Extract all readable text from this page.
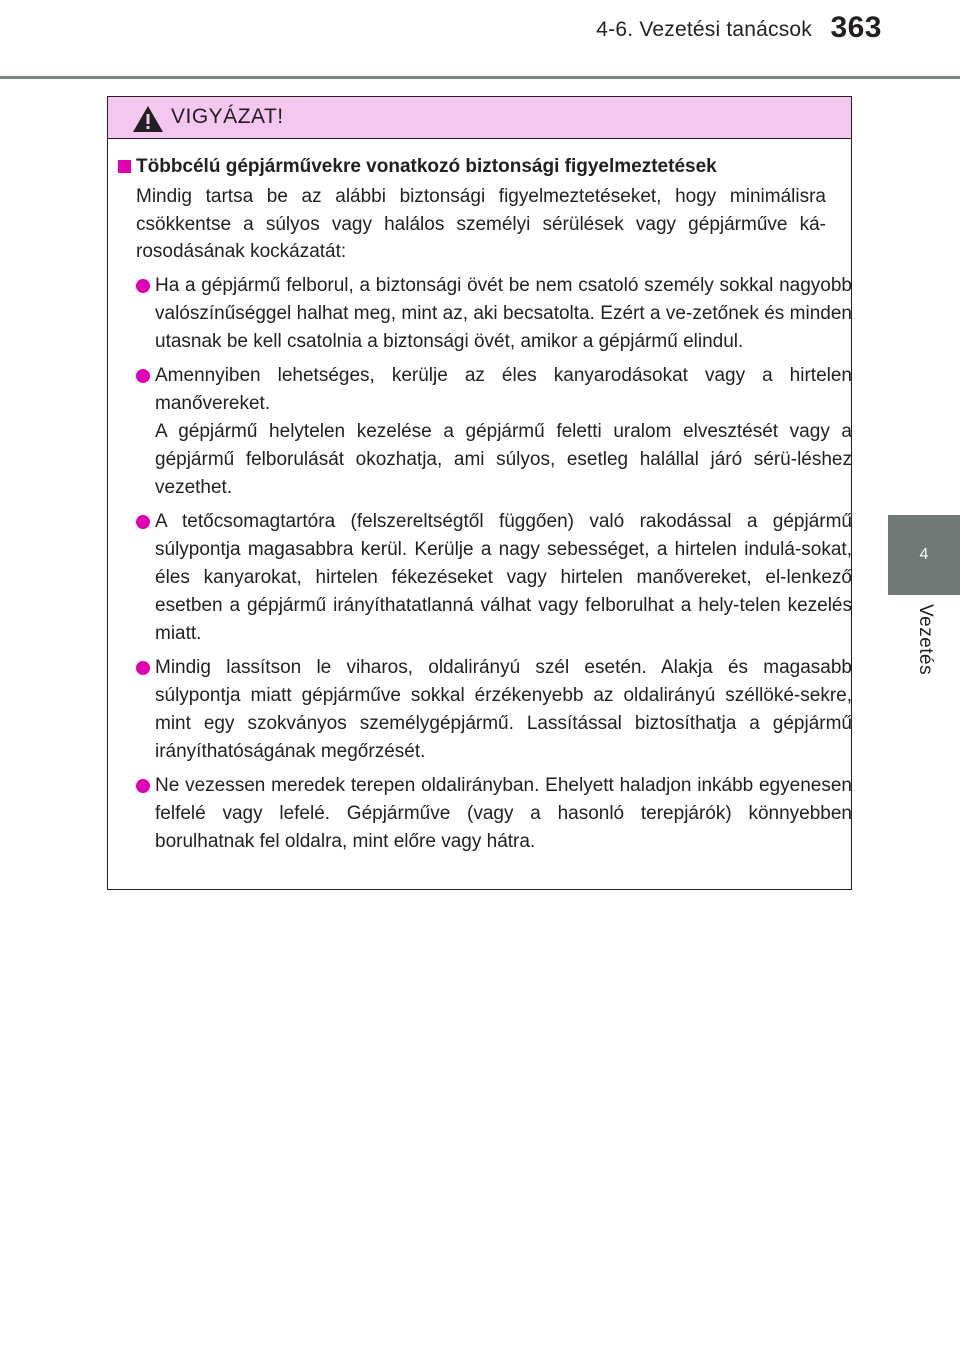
4-6. Vezetési tanácsok 363
4
Vezetés
VIGYÁZAT!
Többcélú gépjárművekre vonatkozó biztonsági figyelmeztetések

Mindig tartsa be az alábbi biztonsági figyelmeztetéseket, hogy minimálisra csökkentse a súlyos vagy halálos személyi sérülések vagy gépjárműve ká-rosodásának kockázatát:

Ha a gépjármű felborul, a biztonsági övét be nem csatoló személy sokkal nagyobb valószínűséggel halhat meg, mint az, aki becsatolta. Ezért a ve-zetőnek és minden utasnak be kell csatolnia a biztonsági övét, amikor a gépjármű elindul.
Amennyiben lehetséges, kerülje az éles kanyarodásokat vagy a hirtelen manővereket.
A gépjármű helytelen kezelése a gépjármű feletti uralom elvesztését vagy a gépjármű felborulását okozhatja, ami súlyos, esetleg halállal járó sérü-léshez vezethet.
A tetőcsomagtartóra (felszereltségtől függően) való rakodással a gépjármű súlypontja magasabbra kerül. Kerülje a nagy sebességet, a hirtelen indulá-sokat, éles kanyarokat, hirtelen fékezéseket vagy hirtelen manővereket, el-lenkező esetben a gépjármű irányíthatatlanná válhat vagy felborulhat a hely-telen kezelés miatt.
Mindig lassítson le viharos, oldalirányú szél esetén. Alakja és magasabb súlypontja miatt gépjárműve sokkal érzékenyebb az oldalirányú széllöké-sekre, mint egy szokványos személygépjármű. Lassítással biztosíthatja a gépjármű irányíthatóságának megőrzését.
Ne vezessen meredek terepen oldalirányban. Ehelyett haladjon inkább egyenesen felfelé vagy lefelé. Gépjárműve (vagy a hasonló terepjárók) könnyebben borulhatnak fel oldalra, mint előre vagy hátra.
